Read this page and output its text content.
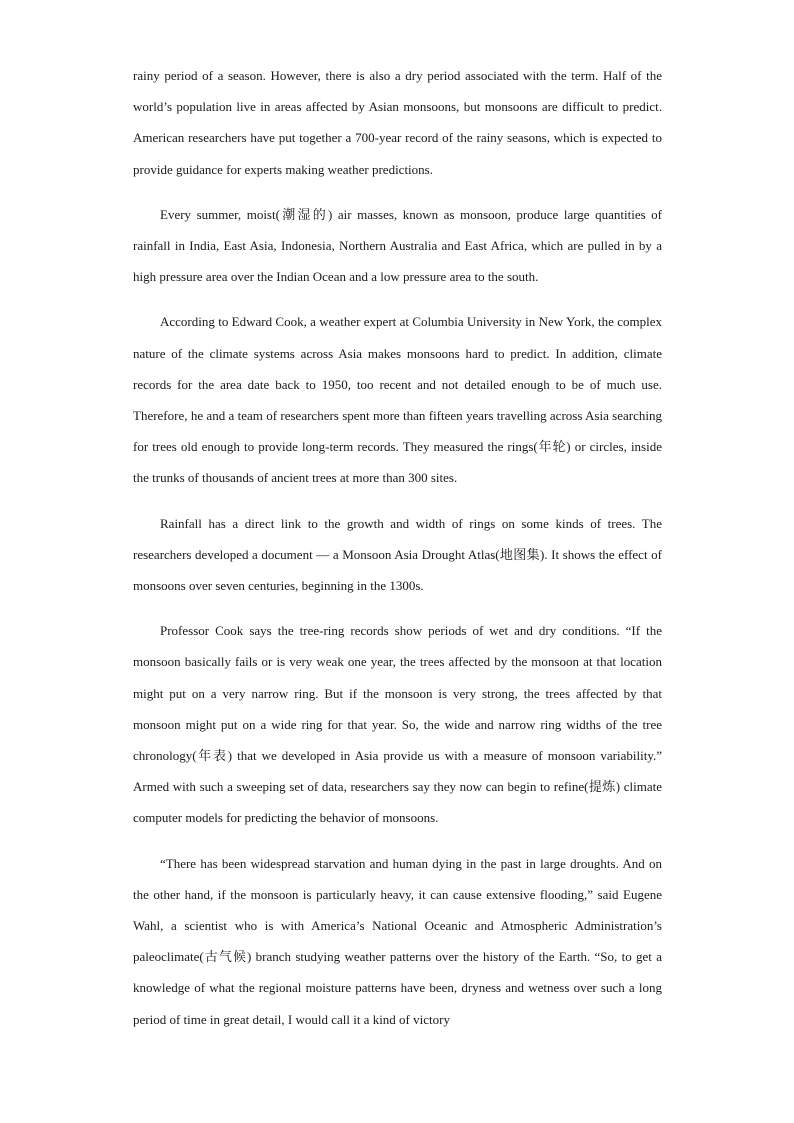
rainy period of a season. However, there is also a dry period associated with the term. Half of the world’s population live in areas affected by Asian monsoons, but monsoons are difficult to predict. American researchers have put together a 700-year record of the rainy seasons, which is expected to provide guidance for experts making weather predictions.

Every summer, moist(潮湿的) air masses, known as monsoon, produce large quantities of rainfall in India, East Asia, Indonesia, Northern Australia and East Africa, which are pulled in by a high pressure area over the Indian Ocean and a low pressure area to the south.

According to Edward Cook, a weather expert at Columbia University in New York, the complex nature of the climate systems across Asia makes monsoons hard to predict. In addition, climate records for the area date back to 1950, too recent and not detailed enough to be of much use. Therefore, he and a team of researchers spent more than fifteen years travelling across Asia searching for trees old enough to provide long-term records. They measured the rings(年轮) or circles, inside the trunks of thousands of ancient trees at more than 300 sites.

Rainfall has a direct link to the growth and width of rings on some kinds of trees. The researchers developed a document — a Monsoon Asia Drought Atlas(地图集). It shows the effect of monsoons over seven centuries, beginning in the 1300s.

Professor Cook says the tree-ring records show periods of wet and dry conditions. “If the monsoon basically fails or is very weak one year, the trees affected by the monsoon at that location might put on a very narrow ring. But if the monsoon is very strong, the trees affected by that monsoon might put on a wide ring for that year. So, the wide and narrow ring widths of the tree chronology(年表) that we developed in Asia provide us with a measure of monsoon variability.” Armed with such a sweeping set of data, researchers say they now can begin to refine(提炼) climate computer models for predicting the behavior of monsoons.

“There has been widespread starvation and human dying in the past in large droughts. And on the other hand, if the monsoon is particularly heavy, it can cause extensive flooding,” said Eugene Wahl, a scientist who is with America’s National Oceanic and Atmospheric Administration’s paleoclimate(古气候) branch studying weather patterns over the history of the Earth. “So, to get a knowledge of what the regional moisture patterns have been, dryness and wetness over such a long period of time in great detail, I would call it a kind of victory
